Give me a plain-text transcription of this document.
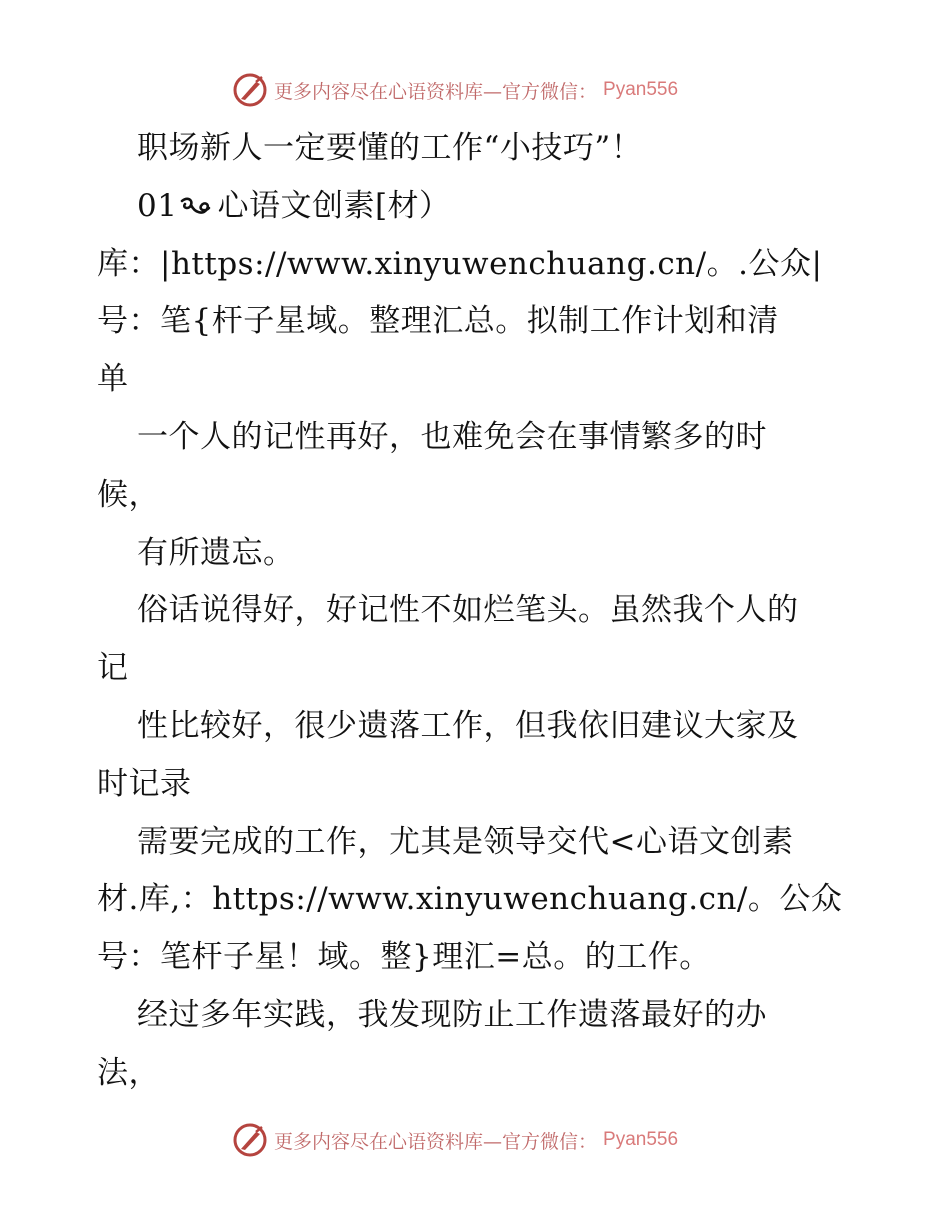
更多内容尽在心语资料库—官方微信： Pyan556
职场新人一定要懂的工作“小技巧”！
01 心语文创素[材）
库：|https://www.xinyuwenchuang.cn/。.公众|
号：笔{杆子星域。整理汇总。拟制工作计划和清
单
一个人的记性再好，也难免会在事情繁多的时
候，
有所遗忘。
俗话说得好，好记性不如烂笔头。虽然我个人的
记
性比较好，很少遗落工作，但我依旧建议大家及
时记录
需要完成的工作，尤其是领导交代<心语文创素
材.库,：https://www.xinyuwenchuang.cn/。公众
号：笔杆子星！域。整}理汇=总。的工作。
经过多年实践，我发现防止工作遗落最好的办
法，
更多内容尽在心语资料库—官方微信： Pyan556
